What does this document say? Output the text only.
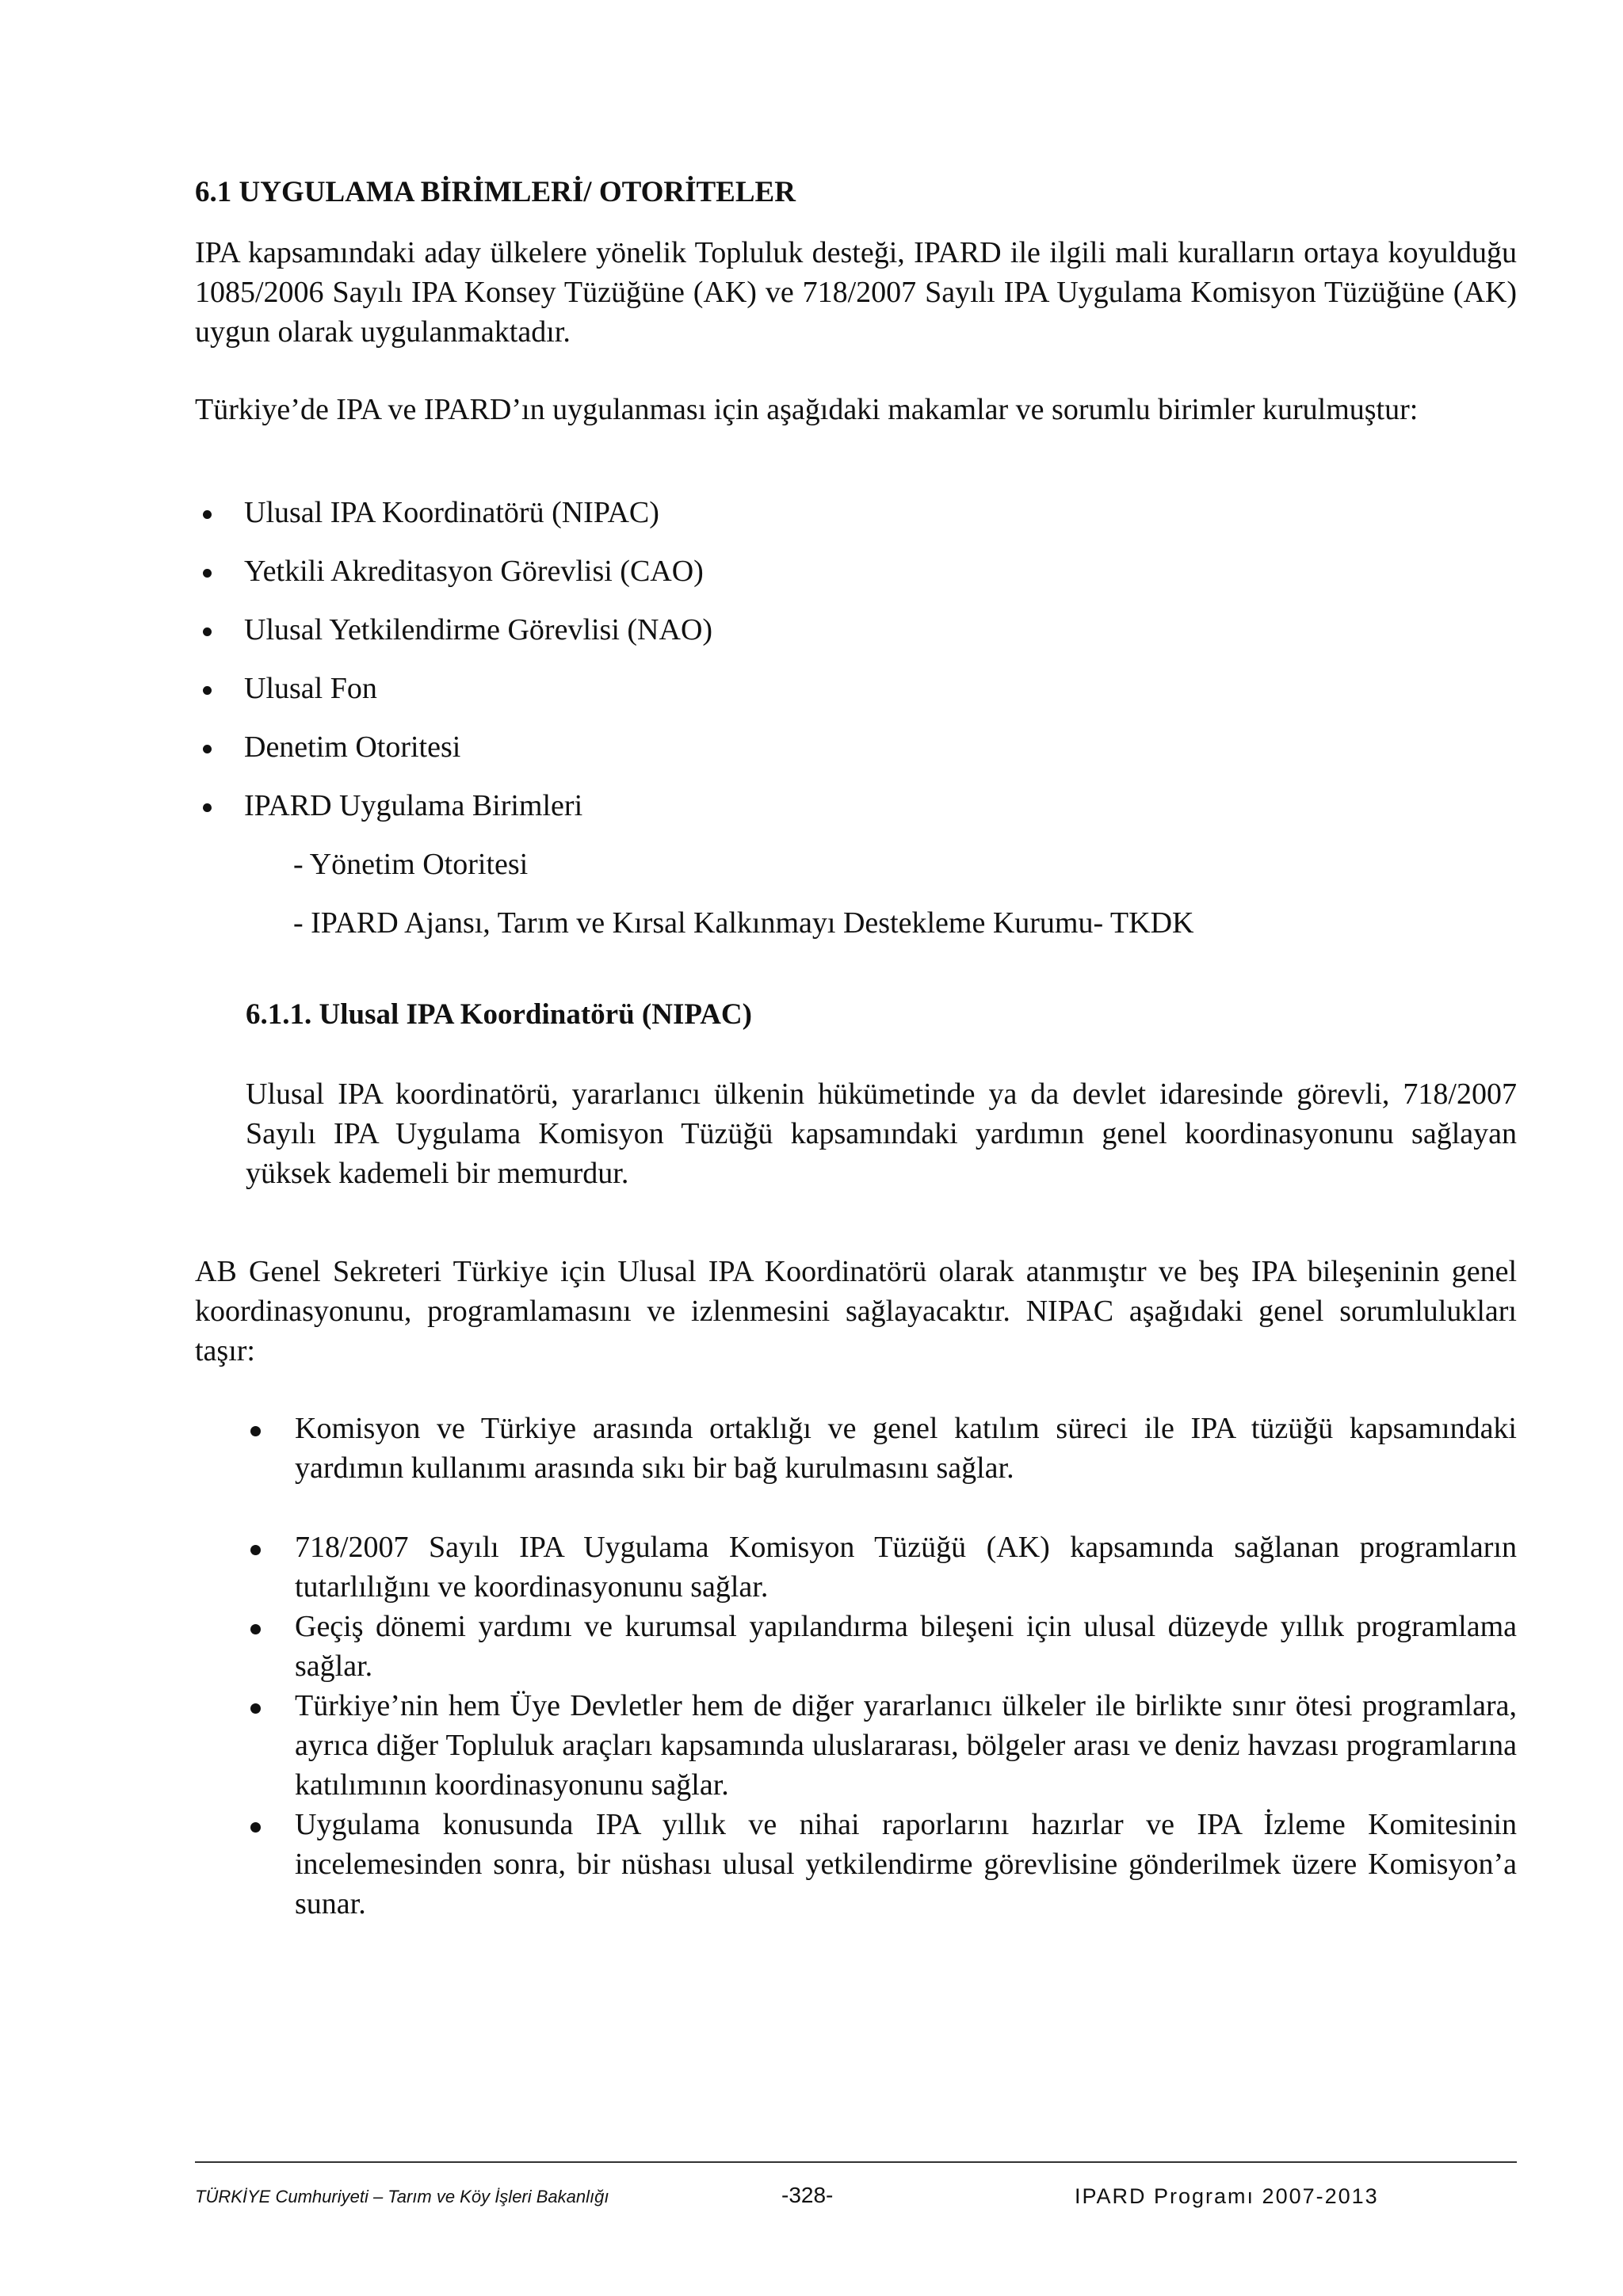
6.1 UYGULAMA BİRİMLERİ/ OTORİTELER
IPA kapsamındaki aday ülkelere yönelik Topluluk desteği, IPARD ile ilgili mali kuralların ortaya koyulduğu 1085/2006 Sayılı IPA Konsey Tüzüğüne (AK) ve 718/2007 Sayılı IPA Uygulama Komisyon Tüzüğüne (AK) uygun olarak uygulanmaktadır.
Türkiye’de IPA ve IPARD’ın uygulanması için aşağıdaki makamlar ve sorumlu birimler kurulmuştur:
Ulusal IPA Koordinatörü (NIPAC)
Yetkili Akreditasyon Görevlisi (CAO)
Ulusal Yetkilendirme Görevlisi (NAO)
Ulusal Fon
Denetim Otoritesi
IPARD Uygulama Birimleri
- Yönetim Otoritesi
- IPARD Ajansı, Tarım ve Kırsal Kalkınmayı Destekleme Kurumu- TKDK
6.1.1. Ulusal IPA Koordinatörü (NIPAC)
Ulusal IPA koordinatörü, yararlanıcı ülkenin hükümetinde ya da devlet idaresinde görevli, 718/2007 Sayılı IPA Uygulama Komisyon Tüzüğü kapsamındaki yardımın genel koordinasyonunu sağlayan yüksek kademeli bir memurdur.
AB Genel Sekreteri Türkiye için Ulusal IPA Koordinatörü olarak atanmıştır ve beş IPA bileşeninin genel koordinasyonunu, programlamasını ve izlenmesini sağlayacaktır. NIPAC aşağıdaki genel sorumlulukları taşır:
Komisyon ve Türkiye arasında ortaklığı ve genel katılım süreci ile IPA tüzüğü kapsamındaki yardımın kullanımı arasında sıkı bir bağ kurulmasını sağlar.
718/2007 Sayılı IPA Uygulama Komisyon Tüzüğü (AK) kapsamında sağlanan programların tutarlılığını ve koordinasyonunu sağlar.
Geçiş dönemi yardımı ve kurumsal yapılandırma bileşeni için ulusal düzeyde yıllık programlama sağlar.
Türkiye’nin hem Üye Devletler hem de diğer yararlanıcı ülkeler ile birlikte sınır ötesi programlara, ayrıca diğer Topluluk araçları kapsamında uluslararası, bölgeler arası ve deniz havzası programlarına katılımının koordinasyonunu sağlar.
Uygulama konusunda IPA yıllık ve nihai raporlarını hazırlar ve IPA İzleme Komitesinin incelemesinden sonra, bir nüshası ulusal yetkilendirme görevlisine gönderilmek üzere Komisyon’a sunar.
TÜRKİYE Cumhuriyeti – Tarım ve Köy İşleri Bakanlığı	-328-	IPARD Programı 2007-2013
